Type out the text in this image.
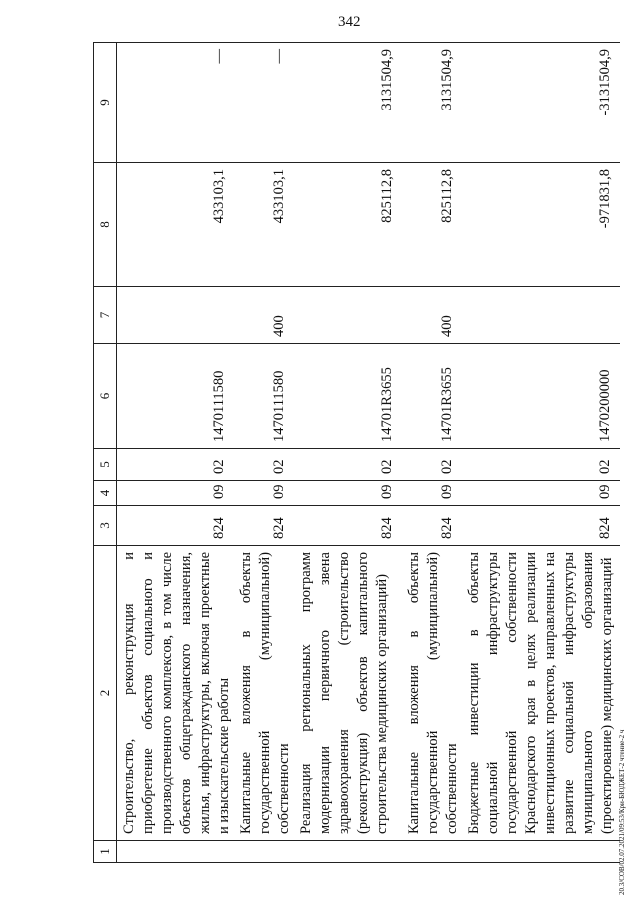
342
20.3/СОВ/02.07.2021/09:53/Кри-БЮДЖЕТ-2 чтение-2 ч
1	2	3	4	5	6	7	8	9
	Строительство, реконструкция и приобретение объектов социального и производственного комплексов, в том числе объектов общегражданского назначения, жилья, инфраструктуры, включая проектные и изыскательские работы	824	09	02	1470111580		433103,1	—
	Капитальные вложения в объекты государственной (муниципальной) собственности	824	09	02	1470111580	400	433103,1	—
	Реализация региональных программ модернизации первичного звена здравоохранения (строительство (реконструкция) объектов капитального строительства медицинских организаций)	824	09	02	14701R3655		825112,8	3131504,9
	Капитальные вложения в объекты государственной (муниципальной) собственности	824	09	02	14701R3655	400	825112,8	3131504,9
	Бюджетные инвестиции в объекты социальной инфраструктуры государственной собственности Краснодарского края в целях реализации инвестиционных проектов, направленных на развитие социальной инфраструктуры муниципального образования (проектирование) медицинских организаций	824	09	02	1470200000		-971831,8	-3131504,9
